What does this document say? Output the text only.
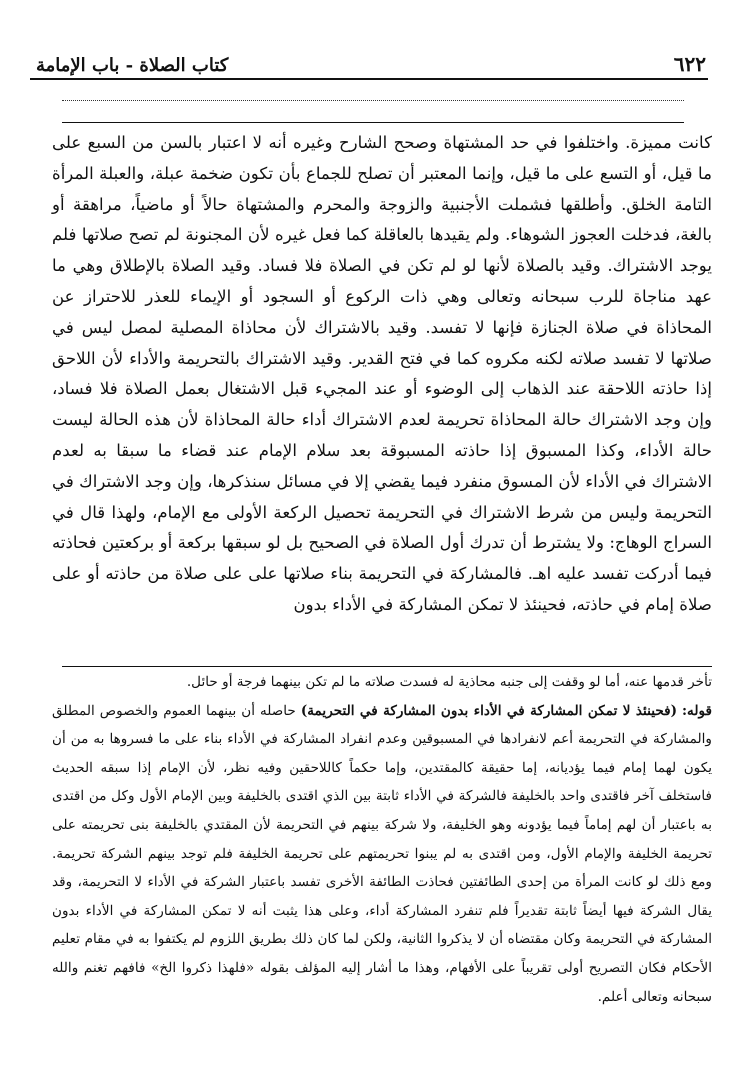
كتاب الصلاة - باب الإمامة	٦٢٢

كانت مميزة. واختلفوا في حد المشتهاة وصحح الشارح وغيره أنه لا اعتبار بالسن من السبع على ما قيل، أو التسع على ما قيل، وإنما المعتبر أن تصلح للجماع بأن تكون ضخمة عبلة، والعبلة المرأة التامة الخلق. وأطلقها فشملت الأجنبية والزوجة والمحرم والمشتهاة حالاً أو ماضياً، مراهقة أو بالغة، فدخلت العجوز الشوهاء. ولم يقيدها بالعاقلة كما فعل غيره لأن المجنونة لم تصح صلاتها فلم يوجد الاشتراك. وقيد بالصلاة لأنها لو لم تكن في الصلاة فلا فساد. وقيد الصلاة بالإطلاق وهي ما عهد مناجاة للرب سبحانه وتعالى وهي ذات الركوع أو السجود أو الإيماء للعذر للاحتراز عن المحاذاة في صلاة الجنازة فإنها لا تفسد. وقيد بالاشتراك لأن محاذاة المصلية لمصل ليس في صلاتها لا تفسد صلاته لكنه مكروه كما في فتح القدير. وقيد الاشتراك بالتحريمة والأداء لأن اللاحق إذا حاذته اللاحقة عند الذهاب إلى الوضوء أو عند المجيء قبل الاشتغال بعمل الصلاة فلا فساد، وإن وجد الاشتراك حالة المحاذاة تحريمة لعدم الاشتراك أداء حالة المحاذاة لأن هذه الحالة ليست حالة الأداء، وكذا المسبوق إذا حاذته المسبوقة بعد سلام الإمام عند قضاء ما سبقا به لعدم الاشتراك في الأداء لأن المسوق منفرد فيما يقضي إلا في مسائل سنذكرها، وإن وجد الاشتراك في التحريمة وليس من شرط الاشتراك في التحريمة تحصيل الركعة الأولى مع الإمام، ولهذا قال في السراج الوهاج: ولا يشترط أن تدرك أول الصلاة في الصحيح بل لو سبقها بركعة أو بركعتين فحاذته فيما أدركت تفسد عليه اهـ. فالمشاركة في التحريمة بناء صلاتها على على صلاة من حاذته أو على صلاة إمام في حاذته، فحينئذ لا تمكن المشاركة في الأداء بدون

تأخر قدمها عنه، أما لو وقفت إلى جنبه محاذية له فسدت صلاته ما لم تكن بينهما فرجة أو حائل.

قوله: (فحينئذ لا تمكن المشاركة في الأداء بدون المشاركة في التحريمة) حاصله أن بينهما العموم والخصوص المطلق والمشاركة في التحريمة أعم لانفرادها في المسبوقين وعدم انفراد المشاركة في الأداء بناء على ما فسروها به من أن يكون لهما إمام فيما يؤديانه، إما حقيقة كالمقتدين، وإما حكماً كاللاحقين وفيه نظر، لأن الإمام إذا سبقه الحديث فاستخلف آخر فاقتدى واحد بالخليفة فالشركة في الأداء ثابتة بين الذي اقتدى بالخليفة وبين الإمام الأول وكل من اقتدى به باعتبار أن لهم إماماً فيما يؤدونه وهو الخليفة، ولا شركة بينهم في التحريمة لأن المقتدي بالخليفة بنى تحريمته على تحريمة الخليفة والإمام الأول، ومن اقتدى به لم يبنوا تحريمتهم على تحريمة الخليفة فلم توجد بينهم الشركة تحريمة. ومع ذلك لو كانت المرأة من إحدى الطائفتين فحاذت الطائفة الأخرى تفسد باعتبار الشركة في الأداء لا التحريمة، وقد يقال الشركة فيها أيضاً ثابتة تقديراً فلم تنفرد المشاركة أداء، وعلى هذا يثبت أنه لا تمكن المشاركة في الأداء بدون المشاركة في التحريمة وكان مقتضاه أن لا يذكروا الثانية، ولكن لما كان ذلك بطريق اللزوم لم يكتفوا به في مقام تعليم الأحكام فكان التصريح أولى تقريباً على الأفهام، وهذا ما أشار إليه المؤلف بقوله «فلهذا ذكروا الخ» فافهم تغنم والله سبحانه وتعالى أعلم.
